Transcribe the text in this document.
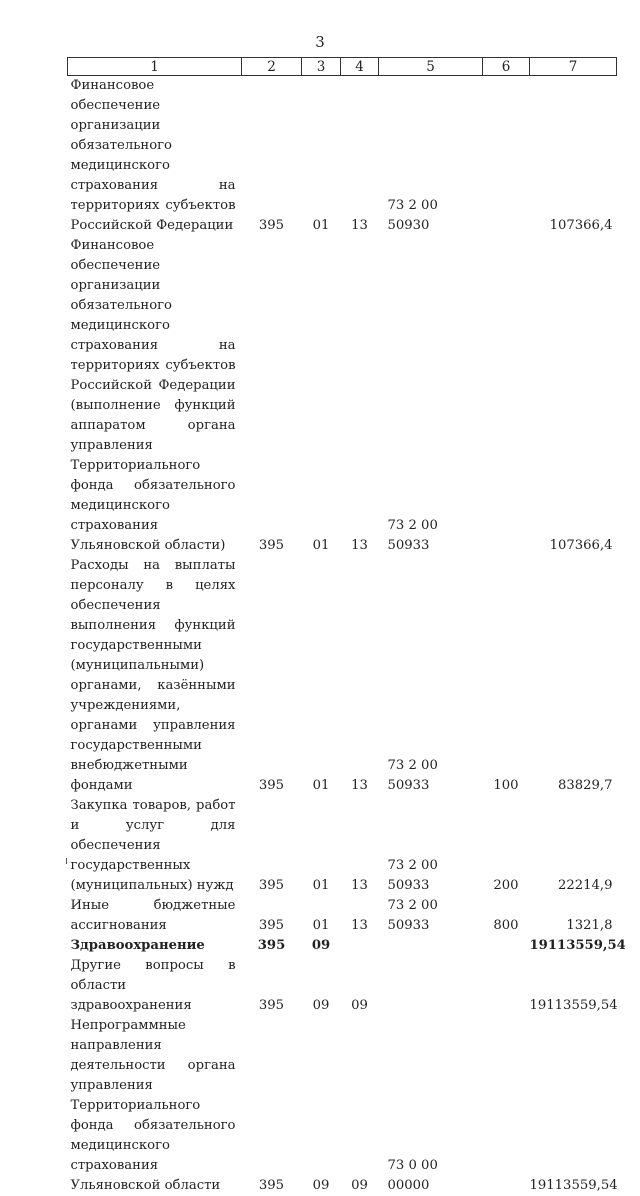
3
1	2	3	4	5	6	7
Финансовое обеспечение организации обязательного медицинского страхования на территориях субъектов Российской Федерации	395	01	13	73 2 00 50930		107366,4
Финансовое обеспечение организации обязательного медицинского страхования на территориях субъектов Российской Федерации (выполнение функций аппаратом органа управления Территориального фонда обязательного медицинского страхования Ульяновской области)	395	01	13	73 2 00 50933		107366,4
Расходы на выплаты персоналу в целях обеспечения выполнения функций государственными (муниципальными) органами, казёнными учреждениями, органами управления государственными внебюджетными фондами	395	01	13	73 2 00 50933	100	83829,7
Закупка товаров, работ и услуг для обеспечения государственных (муниципальных) нужд	395	01	13	73 2 00 50933	200	22214,9
Иные бюджетные ассигнования	395	01	13	73 2 00 50933	800	1321,8
Здравоохранение	395	09				19113559,54
Другие вопросы в области здравоохранения	395	09	09			19113559,54
Непрограммные направления деятельности органа управления Территориального фонда обязательного медицинского страхования Ульяновской области	395	09	09	73 0 00 00000		19113559,54
